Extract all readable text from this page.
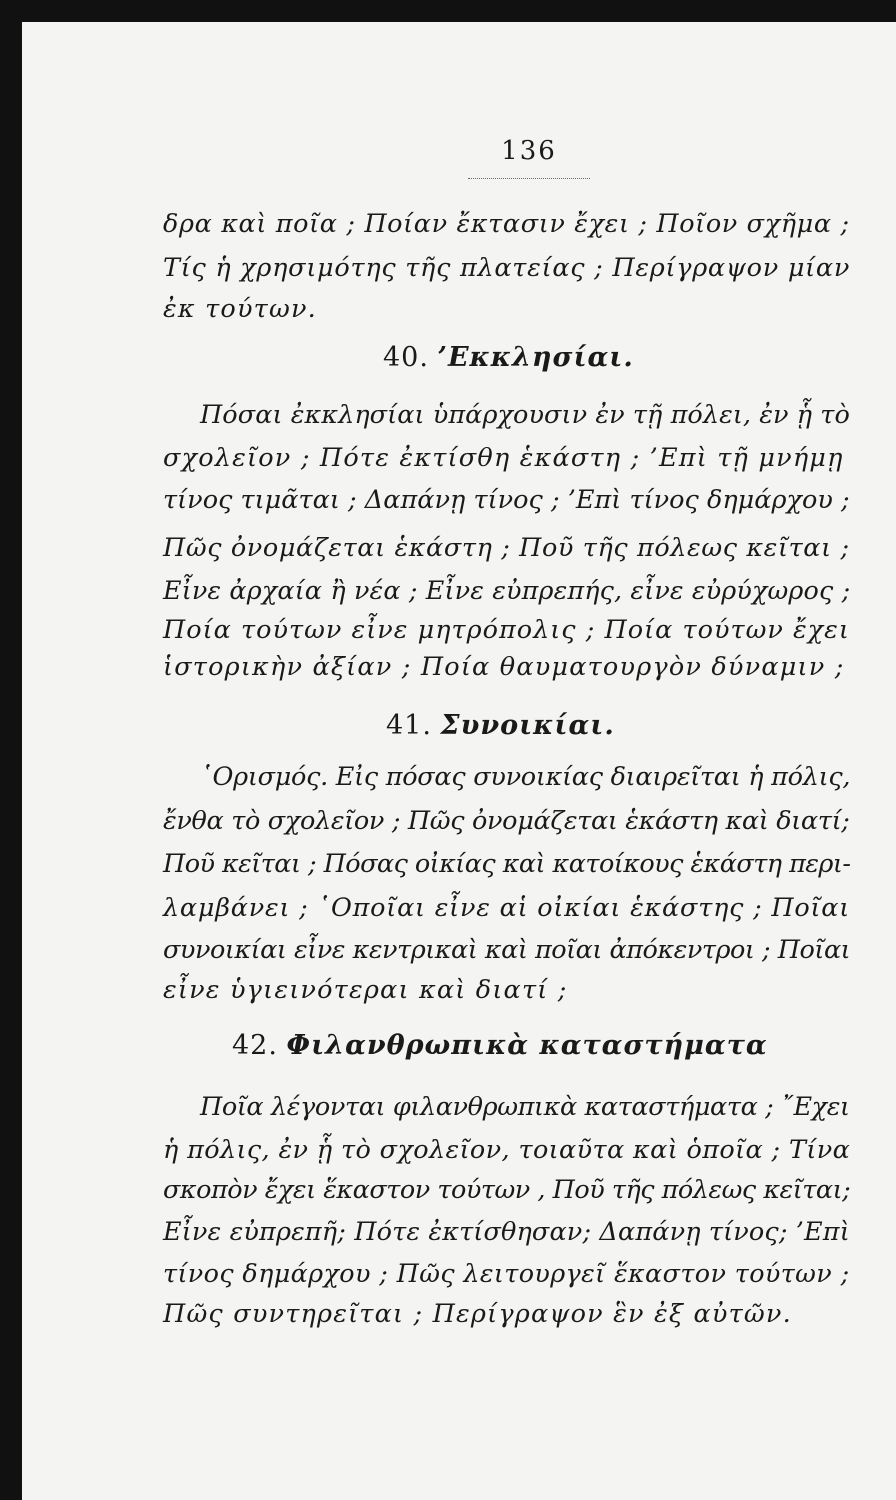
136
δρα καὶ ποῖα ; Ποίαν ἔκτασιν ἔχει ; Ποῖον σχῆμα ;
Τίς ἡ χρησιμότης τῆς πλατείας ; Περίγραψον μίαν
ἐκ τούτων.
40. ’Εκκλησίαι.
Πόσαι ἐκκλησίαι ὑπάρχουσιν ἐν τῇ πόλει, ἐν ᾗ τὸ
σχολεῖον ; Πότε ἐκτίσθη ἑκάστη ; ’Επὶ τῇ μνήμῃ
τίνος τιμᾶται ; Δαπάνῃ τίνος ; ’Επὶ τίνος δημάρχου ;
Πῶς ὀνομάζεται ἑκάστη ; Ποῦ τῆς πόλεως κεῖται ;
Εἶνε ἀρχαία ἢ νέα ; Εἶνε εὐπρεπής, εἶνε εὐρύχωρος ;
Ποία τούτων εἶνε μητρόπολις ; Ποία τούτων ἔχει
ἱστορικὴν ἀξίαν ; Ποία θαυματουργὸν δύναμιν ;
41. Συνοικίαι.
῾Ορισμός. Εἰς πόσας συνοικίας διαιρεῖται ἡ πόλις,
ἔνθα τὸ σχολεῖον ; Πῶς ὀνομάζεται ἑκάστη καὶ διατί;
Ποῦ κεῖται ; Πόσας οἰκίας καὶ κατοίκους ἑκάστη περι-
λαμβάνει ; ῾Οποῖαι εἶνε αἱ οἰκίαι ἑκάστης ; Ποῖαι
συνοικίαι εἶνε κεντρικαὶ καὶ ποῖαι ἀπόκεντροι ; Ποῖαι
εἶνε ὑγιεινότεραι καὶ διατί ;
42. Φιλανθρωπικὰ καταστήματα
Ποῖα λέγονται φιλανθρωπικὰ καταστήματα ; ῎Εχει
ἡ πόλις, ἐν ᾗ τὸ σχολεῖον, τοιαῦτα καὶ ὁποῖα ; Τίνα
σκοπὸν ἔχει ἕκαστον τούτων , Ποῦ τῆς πόλεως κεῖται;
Εἶνε εὐπρεπῆ; Πότε ἐκτίσθησαν; Δαπάνῃ τίνος; ’Επὶ
τίνος δημάρχου ; Πῶς λειτουργεῖ ἕκαστον τούτων ;
Πῶς συντηρεῖται ; Περίγραψον ἓν ἐξ αὐτῶν.
